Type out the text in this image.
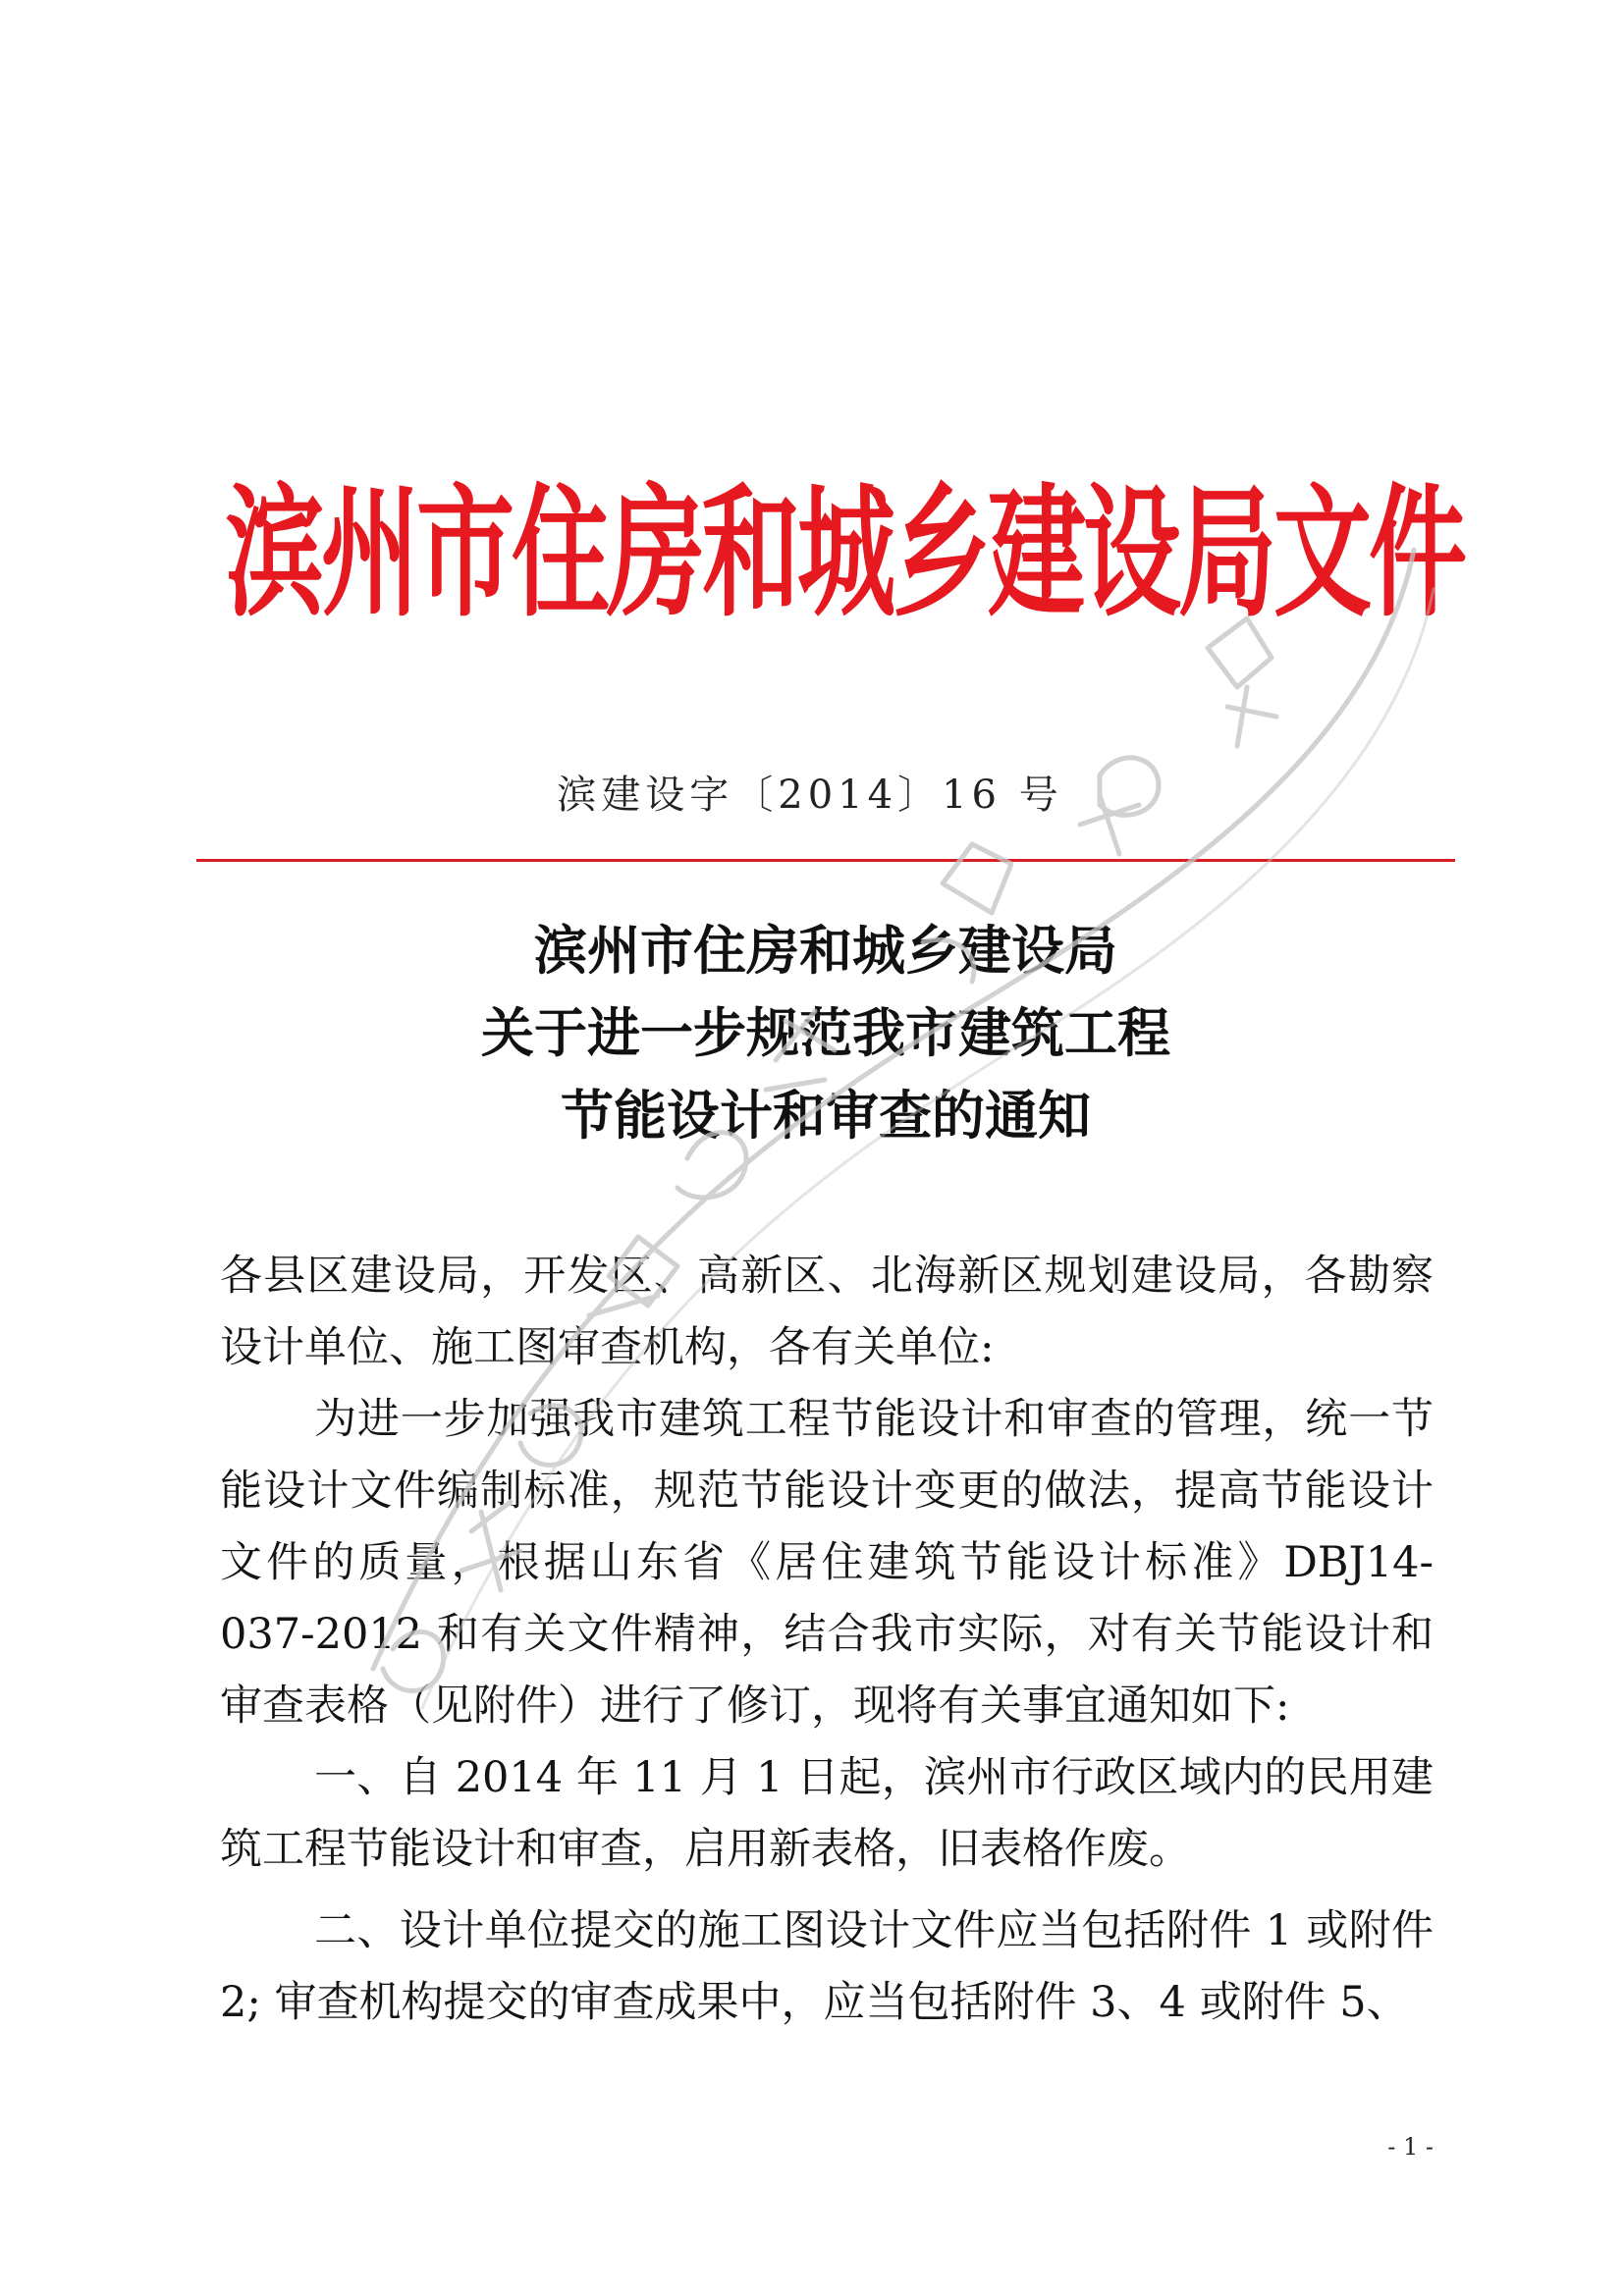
滨州市住房和城乡建设局文件
滨建设字〔2014〕16 号
滨州市住房和城乡建设局
关于进一步规范我市建筑工程
节能设计和审查的通知

各县区建设局，开发区、高新区、北海新区规划建设局，各勘察设计单位、施工图审查机构，各有关单位:

为进一步加强我市建筑工程节能设计和审查的管理，统一节能设计文件编制标准，规范节能设计变更的做法，提高节能设计文件的质量，根据山东省《居住建筑节能设计标准》DBJ14-037-2012 和有关文件精神，结合我市实际，对有关节能设计和审查表格（见附件）进行了修订，现将有关事宜通知如下:

一、自 2014 年 11 月 1 日起，滨州市行政区域内的民用建筑工程节能设计和审查，启用新表格，旧表格作废。

二、设计单位提交的施工图设计文件应当包括附件 1 或附件 2; 审查机构提交的审查成果中，应当包括附件 3、4 或附件 5、

- 1 -
